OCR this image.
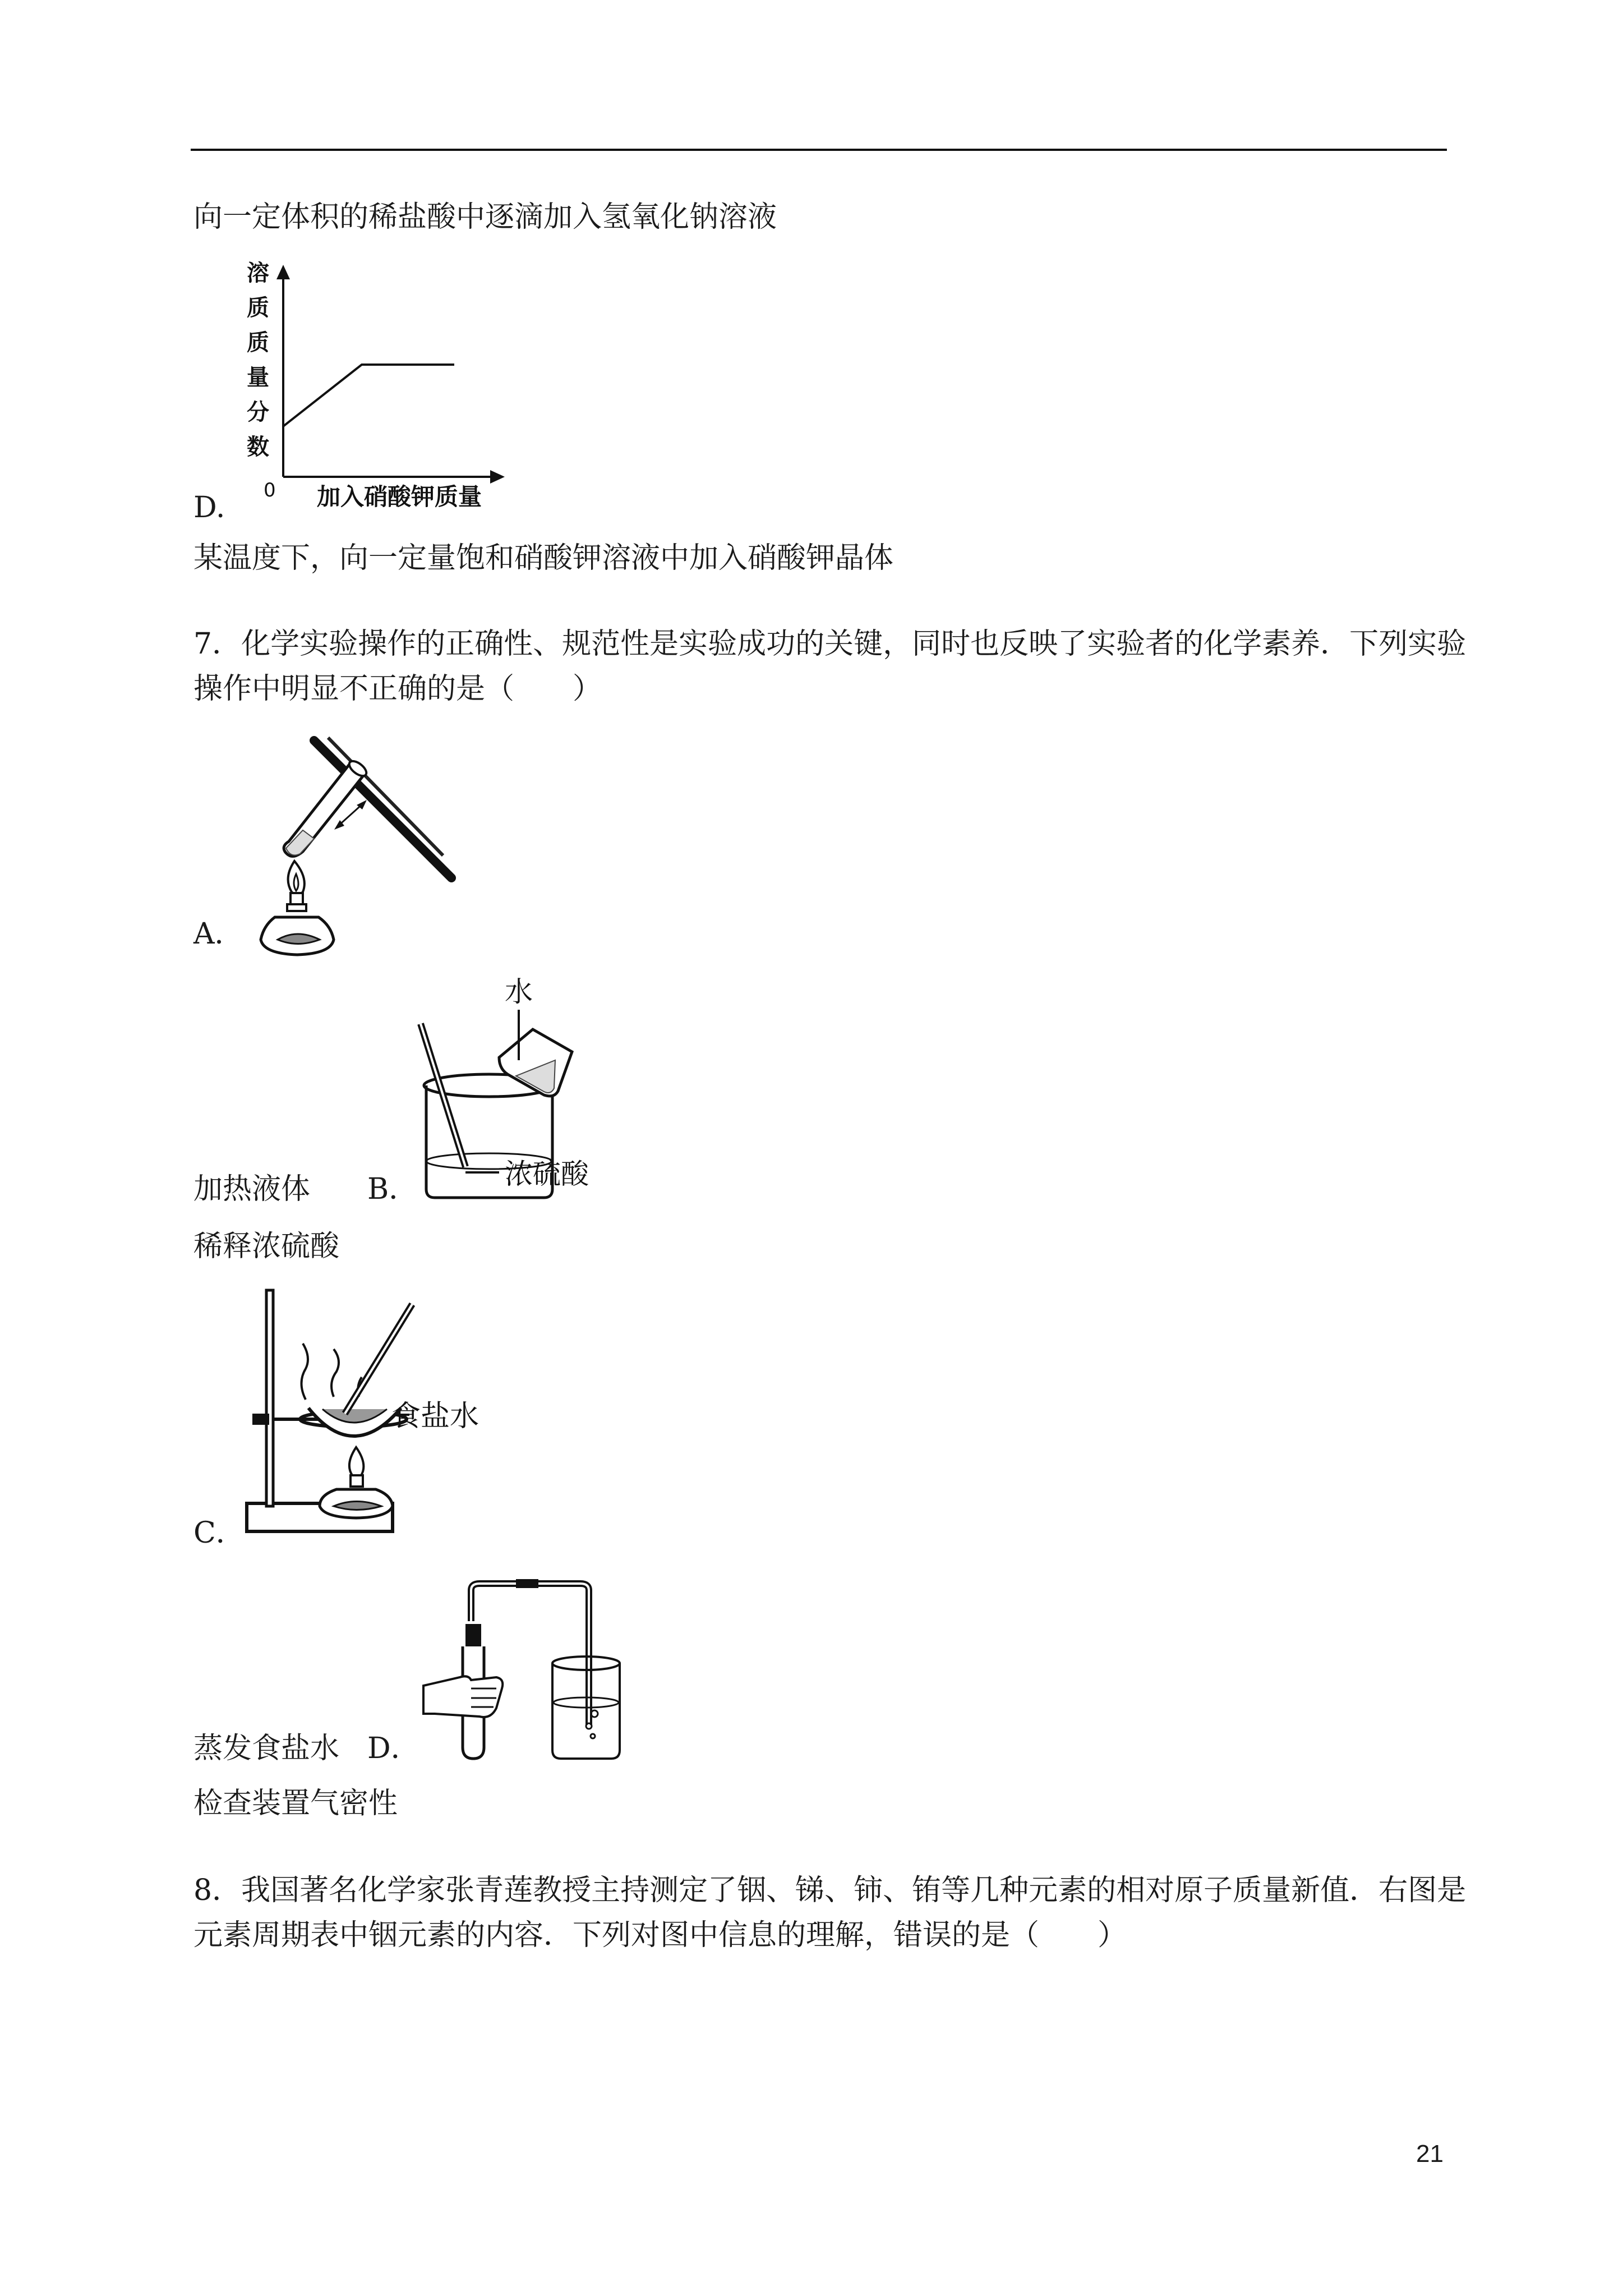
向一定体积的稀盐酸中逐滴加入氢氧化钠溶液
溶
质
质
量
分
数
0 加入硝酸钾质量
D.
某温度下，向一定量饱和硝酸钾溶液中加入硝酸钾晶体
7．化学实验操作的正确性、规范性是实验成功的关键，同时也反映了实验者的化学素养．下列实验
操作中明显不正确的是（　　）
A．
水
浓硫酸
加热液体 B．
稀释浓硫酸
食盐水
C．
蒸发食盐水 D．
检查装置气密性
8．我国著名化学家张青莲教授主持测定了铟、锑、铈、铕等几种元素的相对原子质量新值．右图是
元素周期表中铟元素的内容．下列对图中信息的理解，错误的是（　　）
21
